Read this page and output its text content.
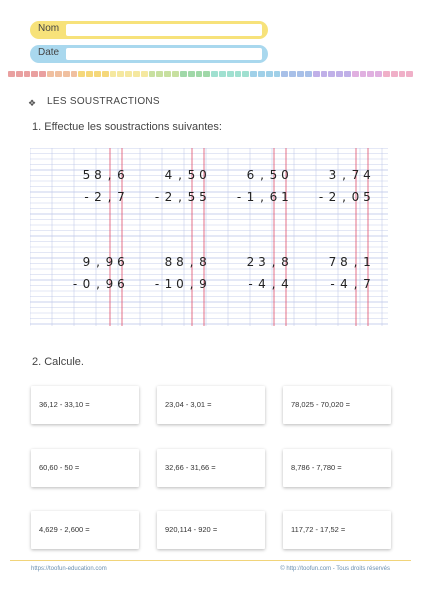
Nom
Date
❖ LES SOUSTRACTIONS
1. Effectue les soustractions suivantes:
5 8 , 6
- 2 , 7
4 , 5 0
- 2 , 5 5
6 , 5 0
- 1 , 6 1
3 , 7 4
- 2 , 0 5
9 , 9 6
- 0 , 9 6
8 8 , 8
- 1 0 , 9
2 3 , 8
- 4 , 4
7 8 , 1
- 4 , 7
2. Calcule.
36,12 - 33,10 =	23,04 - 3,01 =	78,025 - 70,020 =
60,60 - 50 =	32,66 - 31,66 =	8,786 - 7,780 =
4,629 - 2,600 =	920,114 - 920 =	117,72 - 17,52 =
https://toofun-education.com	© http://toofun.com - Tous droits réservés
